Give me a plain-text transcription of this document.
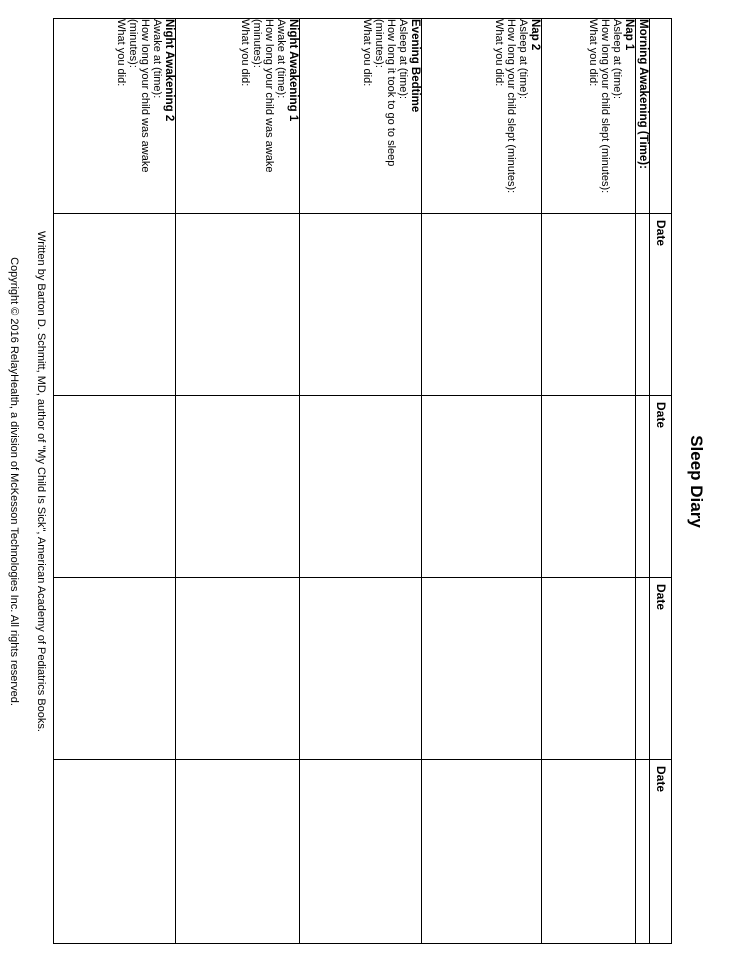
Sleep Diary
	Date	Date	Date	Date
Morning Awakening (Time):				

Nap 1
Asleep at (time):
How long your child slept (minutes):
What you did:				

Nap 2
Asleep at (time):
How long your child slept (minutes):
What you did:				

Evening Bedtime
Asleep at (time):
How long it took to go to sleep (minutes):
What you did:				

Night Awakening 1
Awake at (time):
How long your child was awake (minutes):
What you did:				

Night Awakening 2
Awake at (time):
How long your child was awake (minutes):
What you did:				

Written by Barton D. Schmitt, MD, author of "My Child Is Sick", American Academy of Pediatrics Books.
Copyright © 2016 RelayHealth, a division of McKesson Technologies Inc. All rights reserved.
